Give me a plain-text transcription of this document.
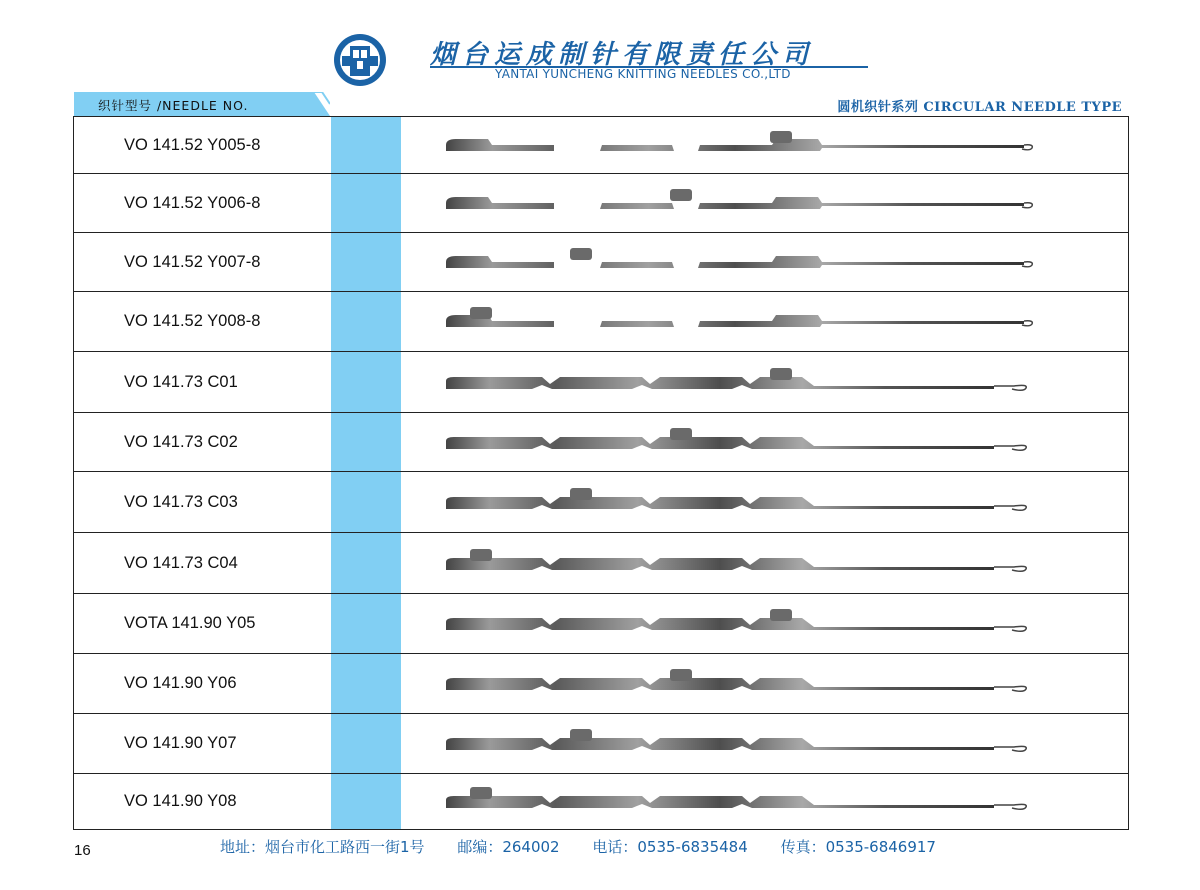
烟台运成制针有限责任公司
YANTAI YUNCHENG KNITTING NEEDLES CO.,LTD
织针型号 /NEEDLE NO.	圆机织针系列 CIRCULAR NEEDLE TYPE
VO 141.52 Y005-8
VO 141.52 Y006-8
VO 141.52 Y007-8
VO 141.52 Y008-8
VO 141.73 C01
VO 141.73 C02
VO 141.73 C03
VO 141.73 C04
VOTA 141.90 Y05
VO 141.90 Y06
VO 141.90 Y07
VO 141.90 Y08
16	地址：烟台市化工路西一街1号 邮编：264002 电话：0535-6835484 传真：0535-6846917
